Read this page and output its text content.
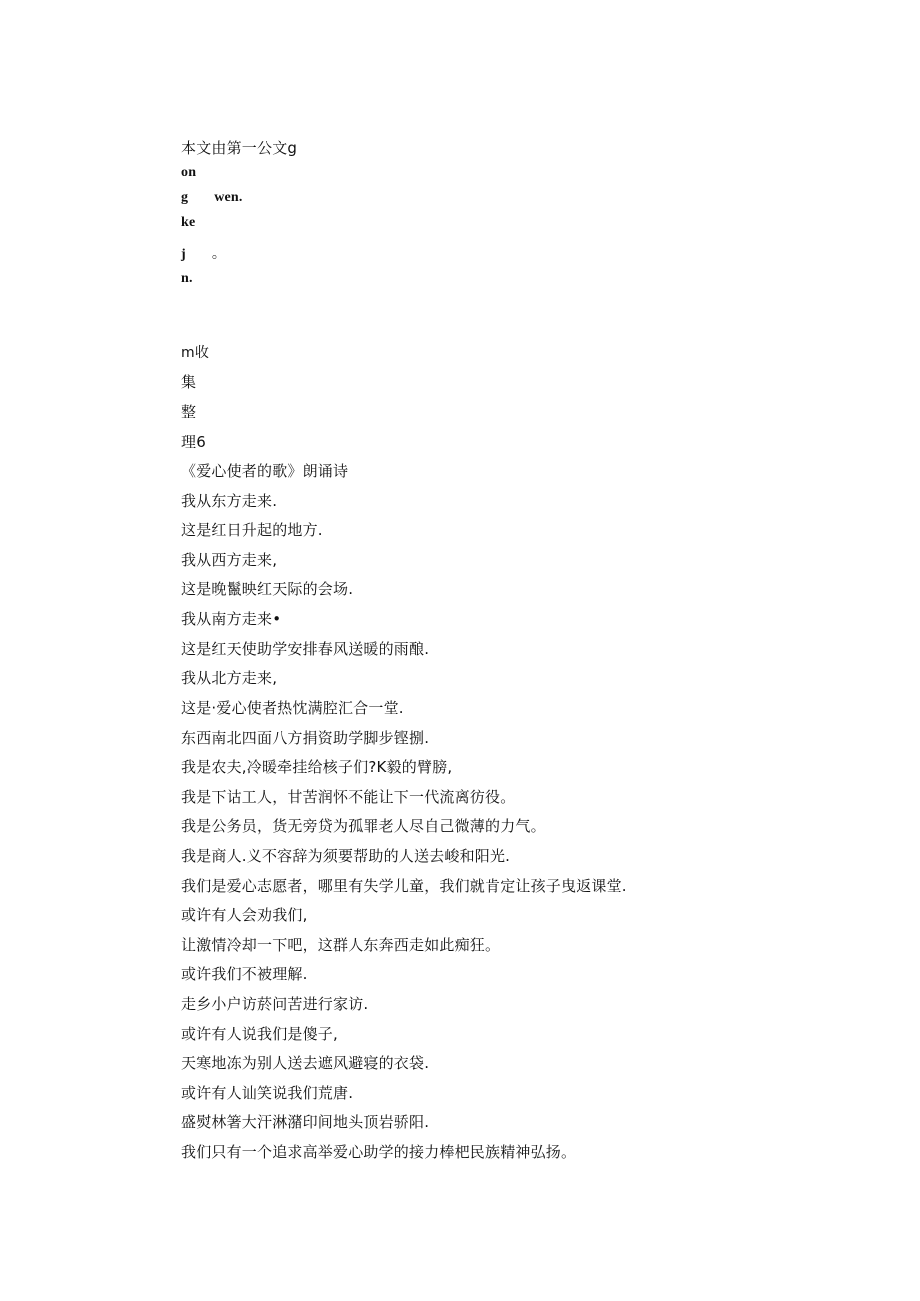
本文由第一公文g
on
g wen.
ke
j 。
n.
m收
集
整
理6
《爱心使者的歌》朗诵诗
我从东方走来.
这是红日升起的地方.
我从西方走来,
这是晚鬣映红天际的会场.
我从南方走来•
这是红天使助学安排春风送暖的雨酿.
我从北方走来,
这是·爱心使者热忱满腔汇合一堂.
东西南北四面八方捐资助学脚步铿捌.
我是农夫,冷暖牵挂给核子们?K毅的臂膀,
我是下诂工人，甘苦润怀不能让下一代流离彷役。
我是公务员，货无旁贷为孤罪老人尽自己微薄的力气。
我是商人.义不容辞为须要帮助的人送去峻和阳光.
我们是爱心志愿者，哪里有失学儿童，我们就肯定让孩子曳返课堂.
或许有人会劝我们,
让激情冷却一下吧，这群人东奔西走如此痴狂。
或许我们不被理解.
走乡小户访菸问苦进行家访.
或许有人说我们是傻子,
天寒地冻为别人送去遮风避寝的衣袋.
或许有人讪笑说我们荒唐.
盛熨林箸大汗淋潴印间地头顶岩骄阳.
我们只有一个追求高举爱心助学的接力棒杷民族精神弘扬。
